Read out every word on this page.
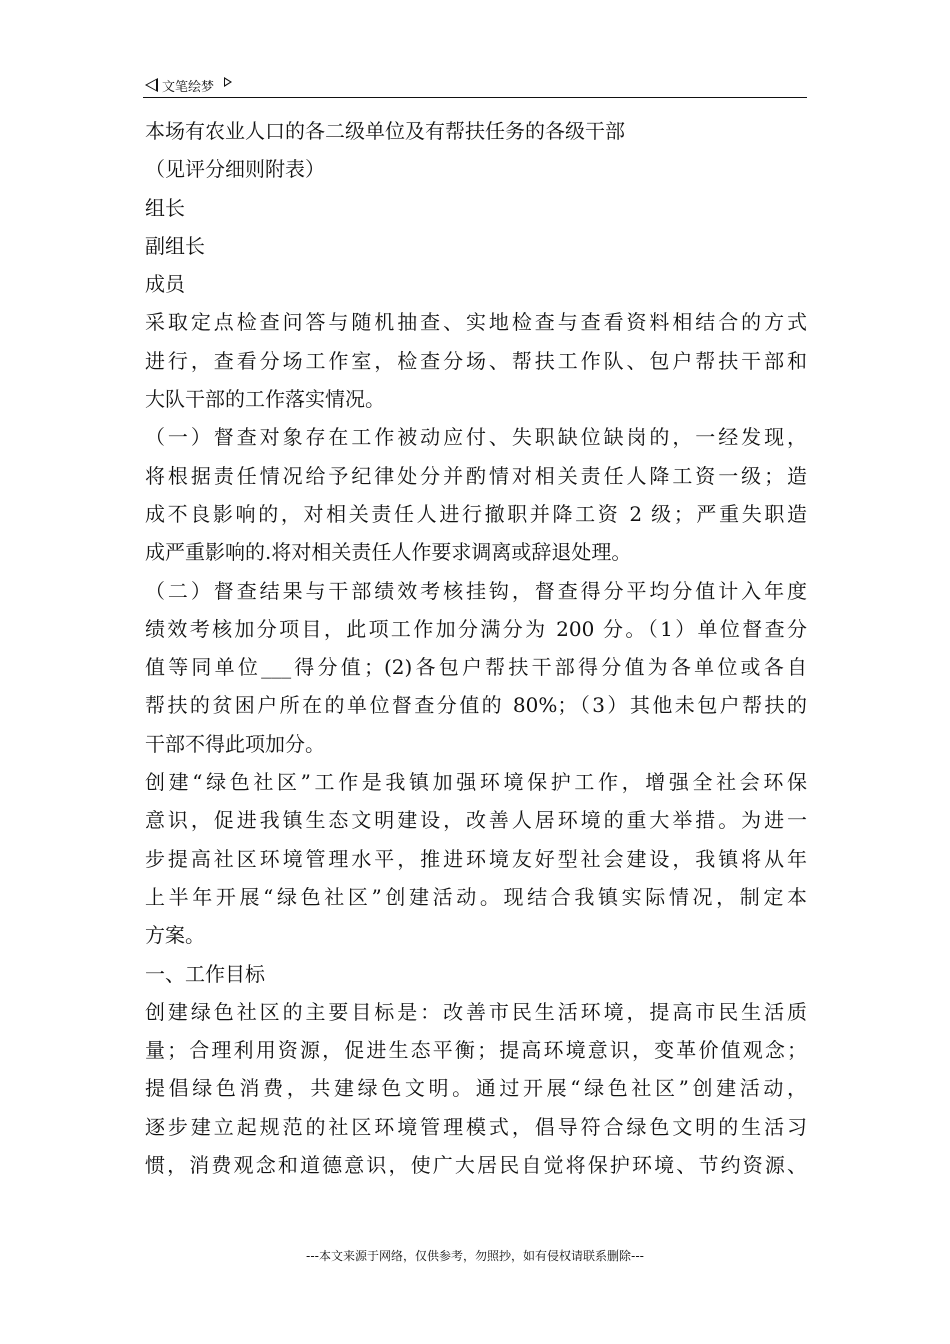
文笔绘梦
本场有农业人口的各二级单位及有帮扶任务的各级干部
（见评分细则附表）
组长
副组长
成员
采取定点检查问答与随机抽查、实地检查与查看资料相结合的方式
进行，查看分场工作室，检查分场、帮扶工作队、包户帮扶干部和
大队干部的工作落实情况。
（一）督查对象存在工作被动应付、失职缺位缺岗的，一经发现，
将根据责任情况给予纪律处分并酌情对相关责任人降工资一级；造
成不良影响的，对相关责任人进行撤职并降工资 2 级；严重失职造
成严重影响的.将对相关责任人作要求调离或辞退处理。
（二）督查结果与干部绩效考核挂钩，督查得分平均分值计入年度
绩效考核加分项目，此项工作加分满分为 200 分。（1）单位督查分
值等同单位___得分值；(2)各包户帮扶干部得分值为各单位或各自
帮扶的贫困户所在的单位督查分值的 80%；（3）其他未包户帮扶的
干部不得此项加分。
创建“绿色社区”工作是我镇加强环境保护工作，增强全社会环保
意识，促进我镇生态文明建设，改善人居环境的重大举措。为进一
步提高社区环境管理水平，推进环境友好型社会建设，我镇将从年
上半年开展“绿色社区”创建活动。现结合我镇实际情况，制定本
方案。
一、工作目标
创建绿色社区的主要目标是：改善市民生活环境，提高市民生活质
量；合理利用资源，促进生态平衡；提高环境意识，变革价值观念；
提倡绿色消费，共建绿色文明。通过开展“绿色社区”创建活动，
逐步建立起规范的社区环境管理模式，倡导符合绿色文明的生活习
惯，消费观念和道德意识，使广大居民自觉将保护环境、节约资源、
---本文来源于网络，仅供参考，勿照抄，如有侵权请联系删除---
